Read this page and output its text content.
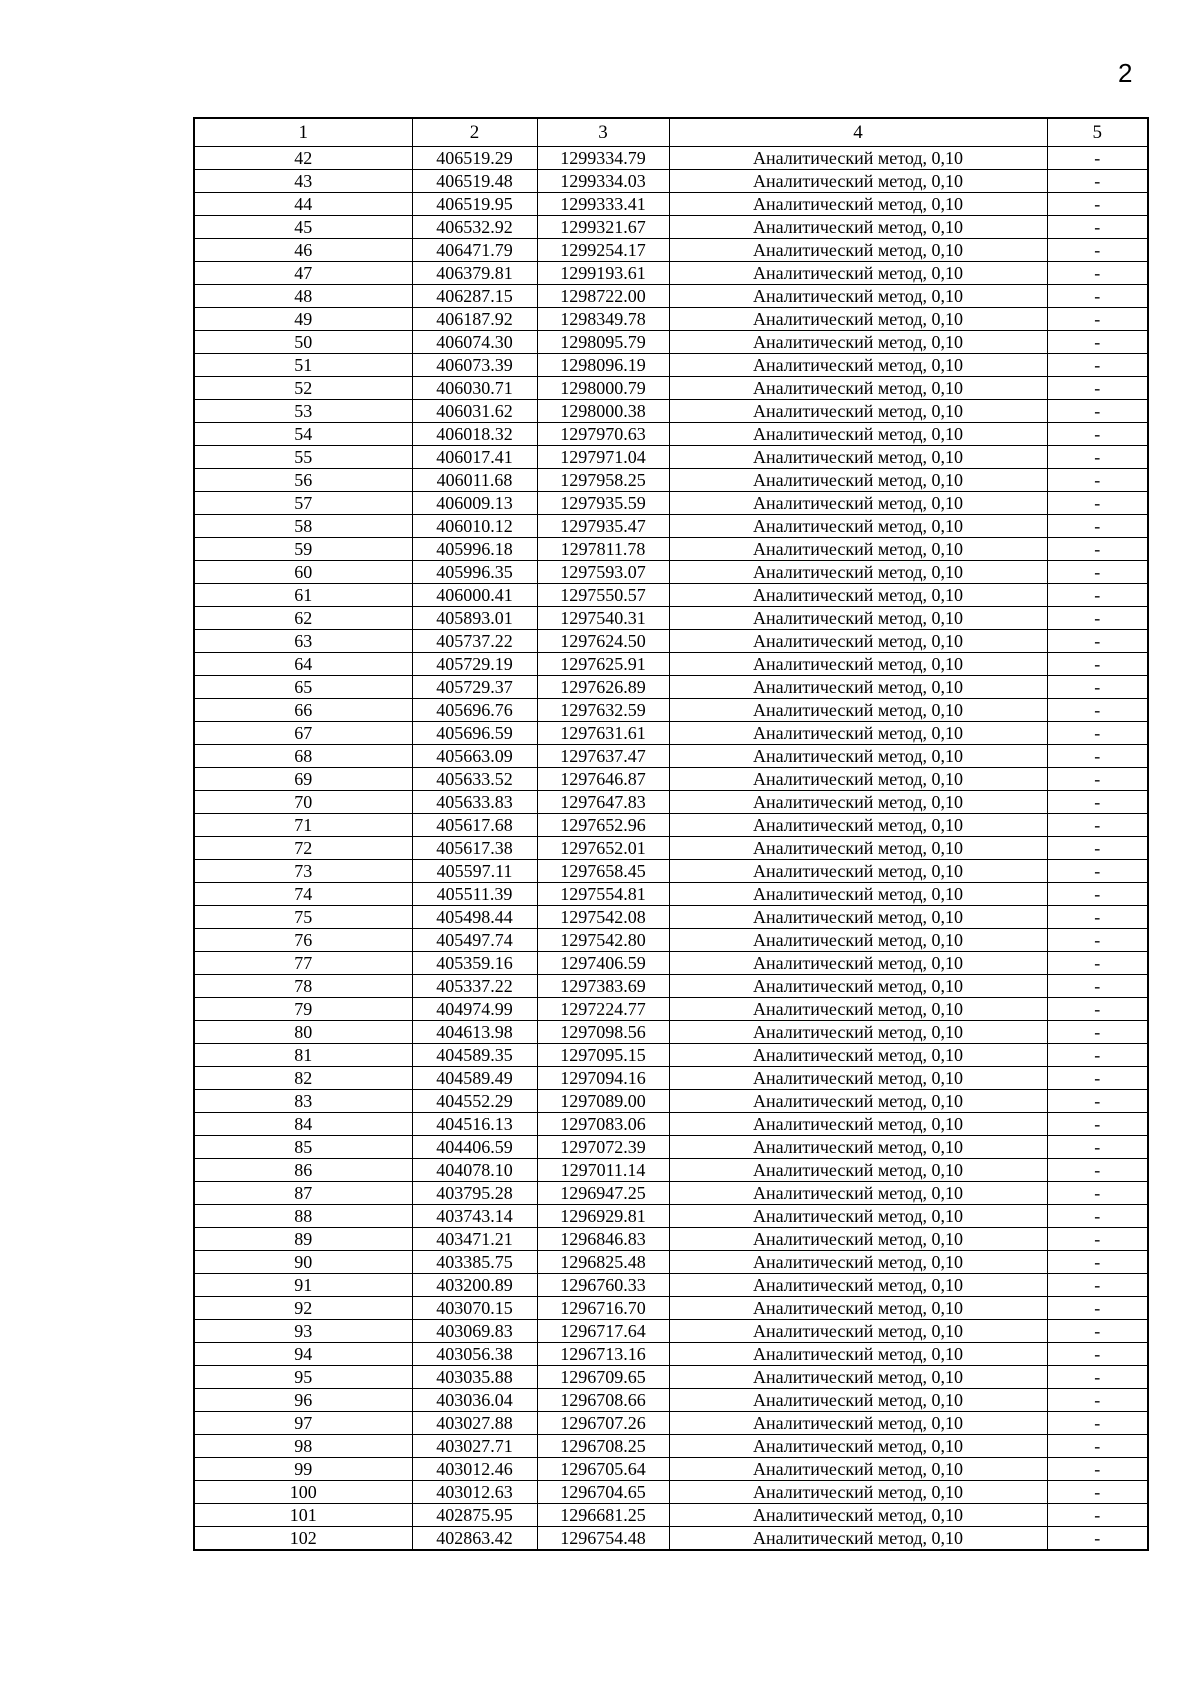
2
1	2	3	4	5
42	406519.29	1299334.79	Аналитический метод, 0,10	-
43	406519.48	1299334.03	Аналитический метод, 0,10	-
44	406519.95	1299333.41	Аналитический метод, 0,10	-
45	406532.92	1299321.67	Аналитический метод, 0,10	-
46	406471.79	1299254.17	Аналитический метод, 0,10	-
47	406379.81	1299193.61	Аналитический метод, 0,10	-
48	406287.15	1298722.00	Аналитический метод, 0,10	-
49	406187.92	1298349.78	Аналитический метод, 0,10	-
50	406074.30	1298095.79	Аналитический метод, 0,10	-
51	406073.39	1298096.19	Аналитический метод, 0,10	-
52	406030.71	1298000.79	Аналитический метод, 0,10	-
53	406031.62	1298000.38	Аналитический метод, 0,10	-
54	406018.32	1297970.63	Аналитический метод, 0,10	-
55	406017.41	1297971.04	Аналитический метод, 0,10	-
56	406011.68	1297958.25	Аналитический метод, 0,10	-
57	406009.13	1297935.59	Аналитический метод, 0,10	-
58	406010.12	1297935.47	Аналитический метод, 0,10	-
59	405996.18	1297811.78	Аналитический метод, 0,10	-
60	405996.35	1297593.07	Аналитический метод, 0,10	-
61	406000.41	1297550.57	Аналитический метод, 0,10	-
62	405893.01	1297540.31	Аналитический метод, 0,10	-
63	405737.22	1297624.50	Аналитический метод, 0,10	-
64	405729.19	1297625.91	Аналитический метод, 0,10	-
65	405729.37	1297626.89	Аналитический метод, 0,10	-
66	405696.76	1297632.59	Аналитический метод, 0,10	-
67	405696.59	1297631.61	Аналитический метод, 0,10	-
68	405663.09	1297637.47	Аналитический метод, 0,10	-
69	405633.52	1297646.87	Аналитический метод, 0,10	-
70	405633.83	1297647.83	Аналитический метод, 0,10	-
71	405617.68	1297652.96	Аналитический метод, 0,10	-
72	405617.38	1297652.01	Аналитический метод, 0,10	-
73	405597.11	1297658.45	Аналитический метод, 0,10	-
74	405511.39	1297554.81	Аналитический метод, 0,10	-
75	405498.44	1297542.08	Аналитический метод, 0,10	-
76	405497.74	1297542.80	Аналитический метод, 0,10	-
77	405359.16	1297406.59	Аналитический метод, 0,10	-
78	405337.22	1297383.69	Аналитический метод, 0,10	-
79	404974.99	1297224.77	Аналитический метод, 0,10	-
80	404613.98	1297098.56	Аналитический метод, 0,10	-
81	404589.35	1297095.15	Аналитический метод, 0,10	-
82	404589.49	1297094.16	Аналитический метод, 0,10	-
83	404552.29	1297089.00	Аналитический метод, 0,10	-
84	404516.13	1297083.06	Аналитический метод, 0,10	-
85	404406.59	1297072.39	Аналитический метод, 0,10	-
86	404078.10	1297011.14	Аналитический метод, 0,10	-
87	403795.28	1296947.25	Аналитический метод, 0,10	-
88	403743.14	1296929.81	Аналитический метод, 0,10	-
89	403471.21	1296846.83	Аналитический метод, 0,10	-
90	403385.75	1296825.48	Аналитический метод, 0,10	-
91	403200.89	1296760.33	Аналитический метод, 0,10	-
92	403070.15	1296716.70	Аналитический метод, 0,10	-
93	403069.83	1296717.64	Аналитический метод, 0,10	-
94	403056.38	1296713.16	Аналитический метод, 0,10	-
95	403035.88	1296709.65	Аналитический метод, 0,10	-
96	403036.04	1296708.66	Аналитический метод, 0,10	-
97	403027.88	1296707.26	Аналитический метод, 0,10	-
98	403027.71	1296708.25	Аналитический метод, 0,10	-
99	403012.46	1296705.64	Аналитический метод, 0,10	-
100	403012.63	1296704.65	Аналитический метод, 0,10	-
101	402875.95	1296681.25	Аналитический метод, 0,10	-
102	402863.42	1296754.48	Аналитический метод, 0,10	-
